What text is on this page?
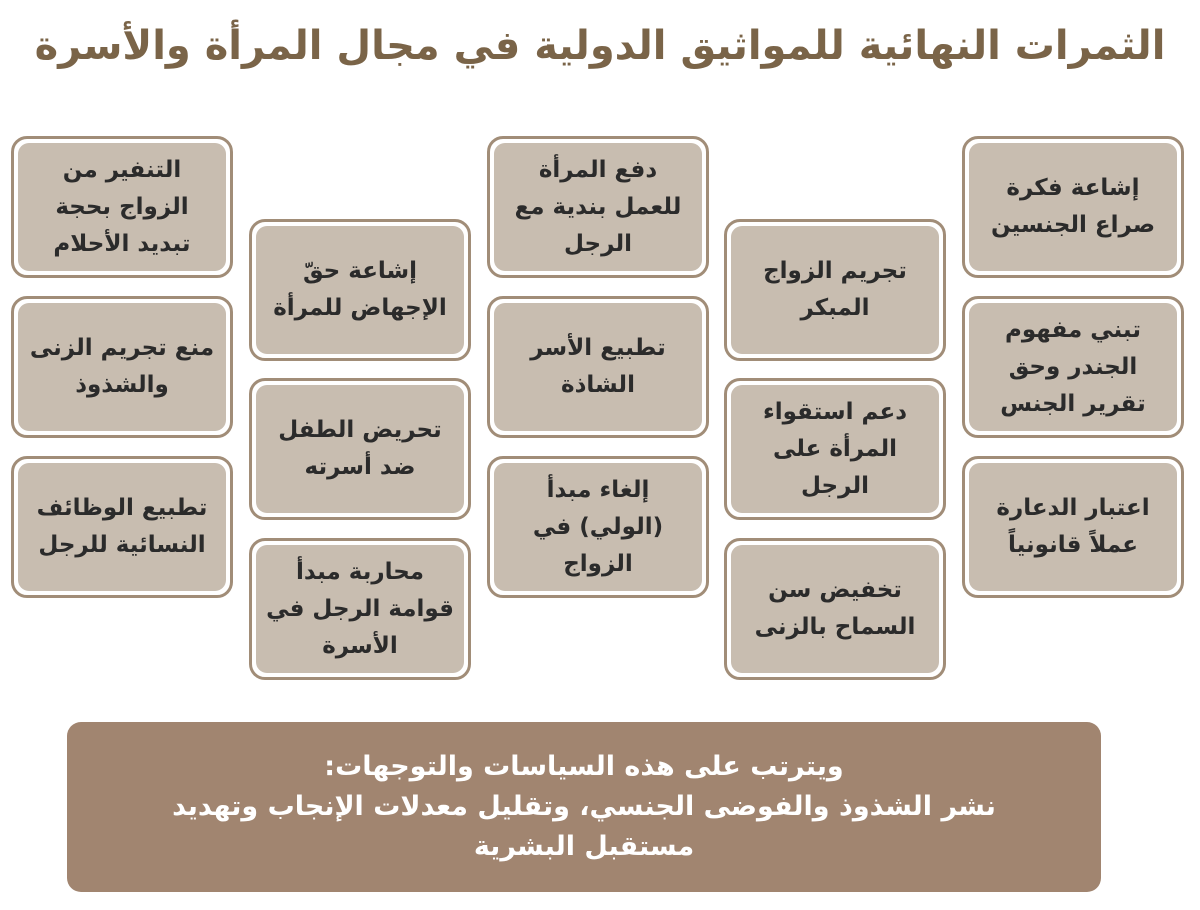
الثمرات النهائية للمواثيق الدولية في مجال المرأة والأسرة
إشاعة فكرة صراع الجنسين
تبني مفهوم الجندر وحق تقرير الجنس
اعتبار الدعارة عملاً قانونياً
تجريم الزواج المبكر
دعم استقواء المرأة على الرجل
تخفيض سن السماح بالزنى
دفع المرأة للعمل بندية مع الرجل
تطبيع الأسر الشاذة
إلغاء مبدأ (الولي) في الزواج
إشاعة حقّ الإجهاض للمرأة
تحريض الطفل ضد أسرته
محاربة مبدأ قوامة الرجل في الأسرة
التنفير من الزواج بحجة تبديد الأحلام
منع تجريم الزنى والشذوذ
تطبيع الوظائف النسائية للرجل
ويترتب على هذه السياسات والتوجهات:
نشر الشذوذ والفوضى الجنسي، وتقليل معدلات الإنجاب وتهديد مستقبل البشرية
